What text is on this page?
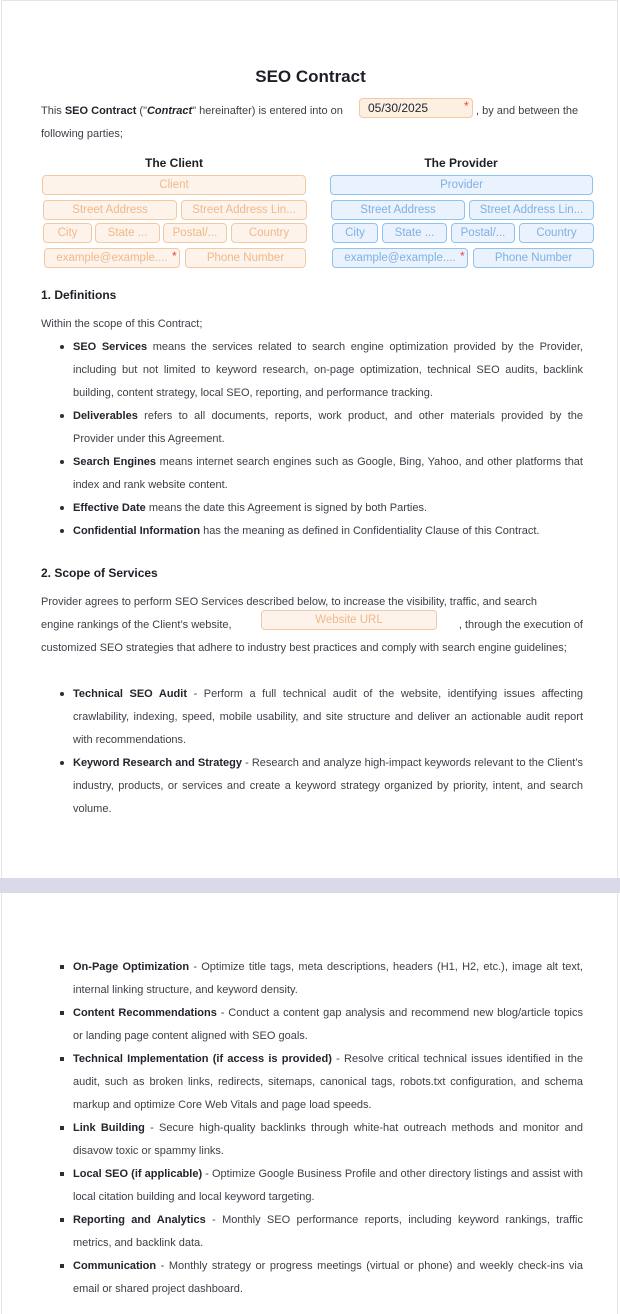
SEO Contract
This SEO Contract ("Contract" hereinafter) is entered into on	05/30/2025	* , by and between the
following parties;
The Client
Client
Street Address	Street Address Lin...
City	State ...	Postal/...	Country
example@example.... *	Phone Number
The Provider
Provider
Street Address	Street Address Lin...
City	State ...	Postal/...	Country
example@example.... *	Phone Number
1. Definitions
Within the scope of this Contract;
SEO Services means the services related to search engine optimization provided by the Provider, including but not limited to keyword research, on-page optimization, technical SEO audits, backlink building, content strategy, local SEO, reporting, and performance tracking.
Deliverables refers to all documents, reports, work product, and other materials provided by the Provider under this Agreement.
Search Engines means internet search engines such as Google, Bing, Yahoo, and other platforms that index and rank website content.
Effective Date means the date this Agreement is signed by both Parties.
Confidential Information has the meaning as defined in Confidentiality Clause of this Contract.
2. Scope of Services
Provider agrees to perform SEO Services described below, to increase the visibility, traffic, and search
engine rankings of the Client’s website,	Website URL	, through the execution of
customized SEO strategies that adhere to industry best practices and comply with search engine guidelines;
Technical SEO Audit - Perform a full technical audit of the website, identifying issues affecting crawlability, indexing, speed, mobile usability, and site structure and deliver an actionable audit report with recommendations.
Keyword Research and Strategy - Research and analyze high-impact keywords relevant to the Client’s industry, products, or services and create a keyword strategy organized by priority, intent, and search volume.
On-Page Optimization - Optimize title tags, meta descriptions, headers (H1, H2, etc.), image alt text, internal linking structure, and keyword density.
Content Recommendations - Conduct a content gap analysis and recommend new blog/article topics or landing page content aligned with SEO goals.
Technical Implementation (if access is provided) - Resolve critical technical issues identified in the audit, such as broken links, redirects, sitemaps, canonical tags, robots.txt configuration, and schema markup and optimize Core Web Vitals and page load speeds.
Link Building - Secure high-quality backlinks through white-hat outreach methods and monitor and disavow toxic or spammy links.
Local SEO (if applicable) - Optimize Google Business Profile and other directory listings and assist with local citation building and local keyword targeting.
Reporting and Analytics - Monthly SEO performance reports, including keyword rankings, traffic metrics, and backlink data.
Communication - Monthly strategy or progress meetings (virtual or phone) and weekly check-ins via email or shared project dashboard.
